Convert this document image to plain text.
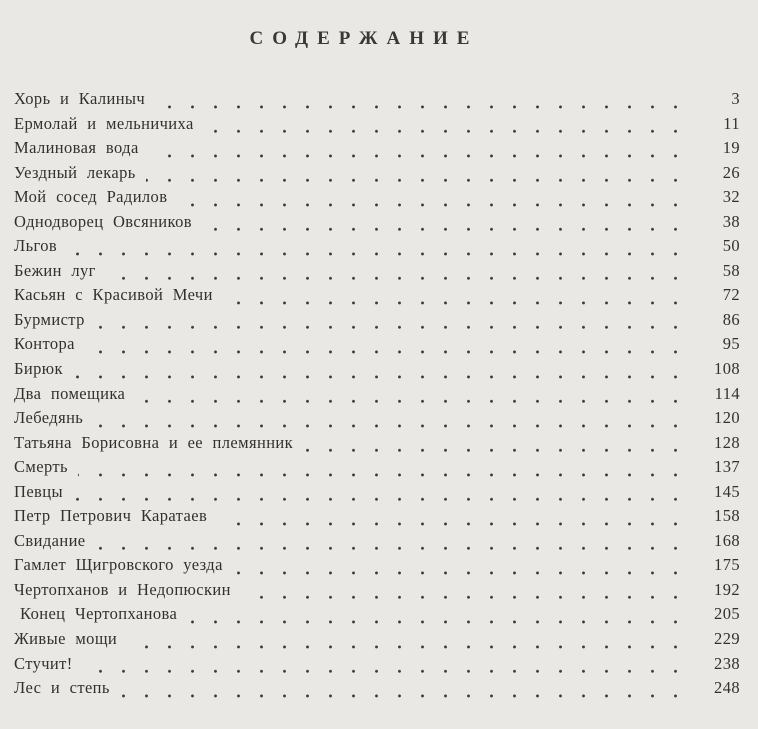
СОДЕРЖАНИЕ
Хорь и Калиныч	3
Ермолай и мельничиха	11
Малиновая вода	19
Уездный лекарь	26
Мой сосед Радилов	32
Однодворец Овсяников	38
Льгов	50
Бежин луг	58
Касьян с Красивой Мечи	72
Бурмистр	86
Контора	95
Бирюк	108
Два помещика	114
Лебедянь	120
Татьяна Борисовна и ее племянник	128
Смерть	137
Певцы	145
Петр Петрович Каратаев	158
Свидание	168
Гамлет Щигровского уезда	175
Чертопханов и Недопюскин	192
Конец Чертопханова	205
Живые мощи	229
Стучит!	238
Лес и степь	248
